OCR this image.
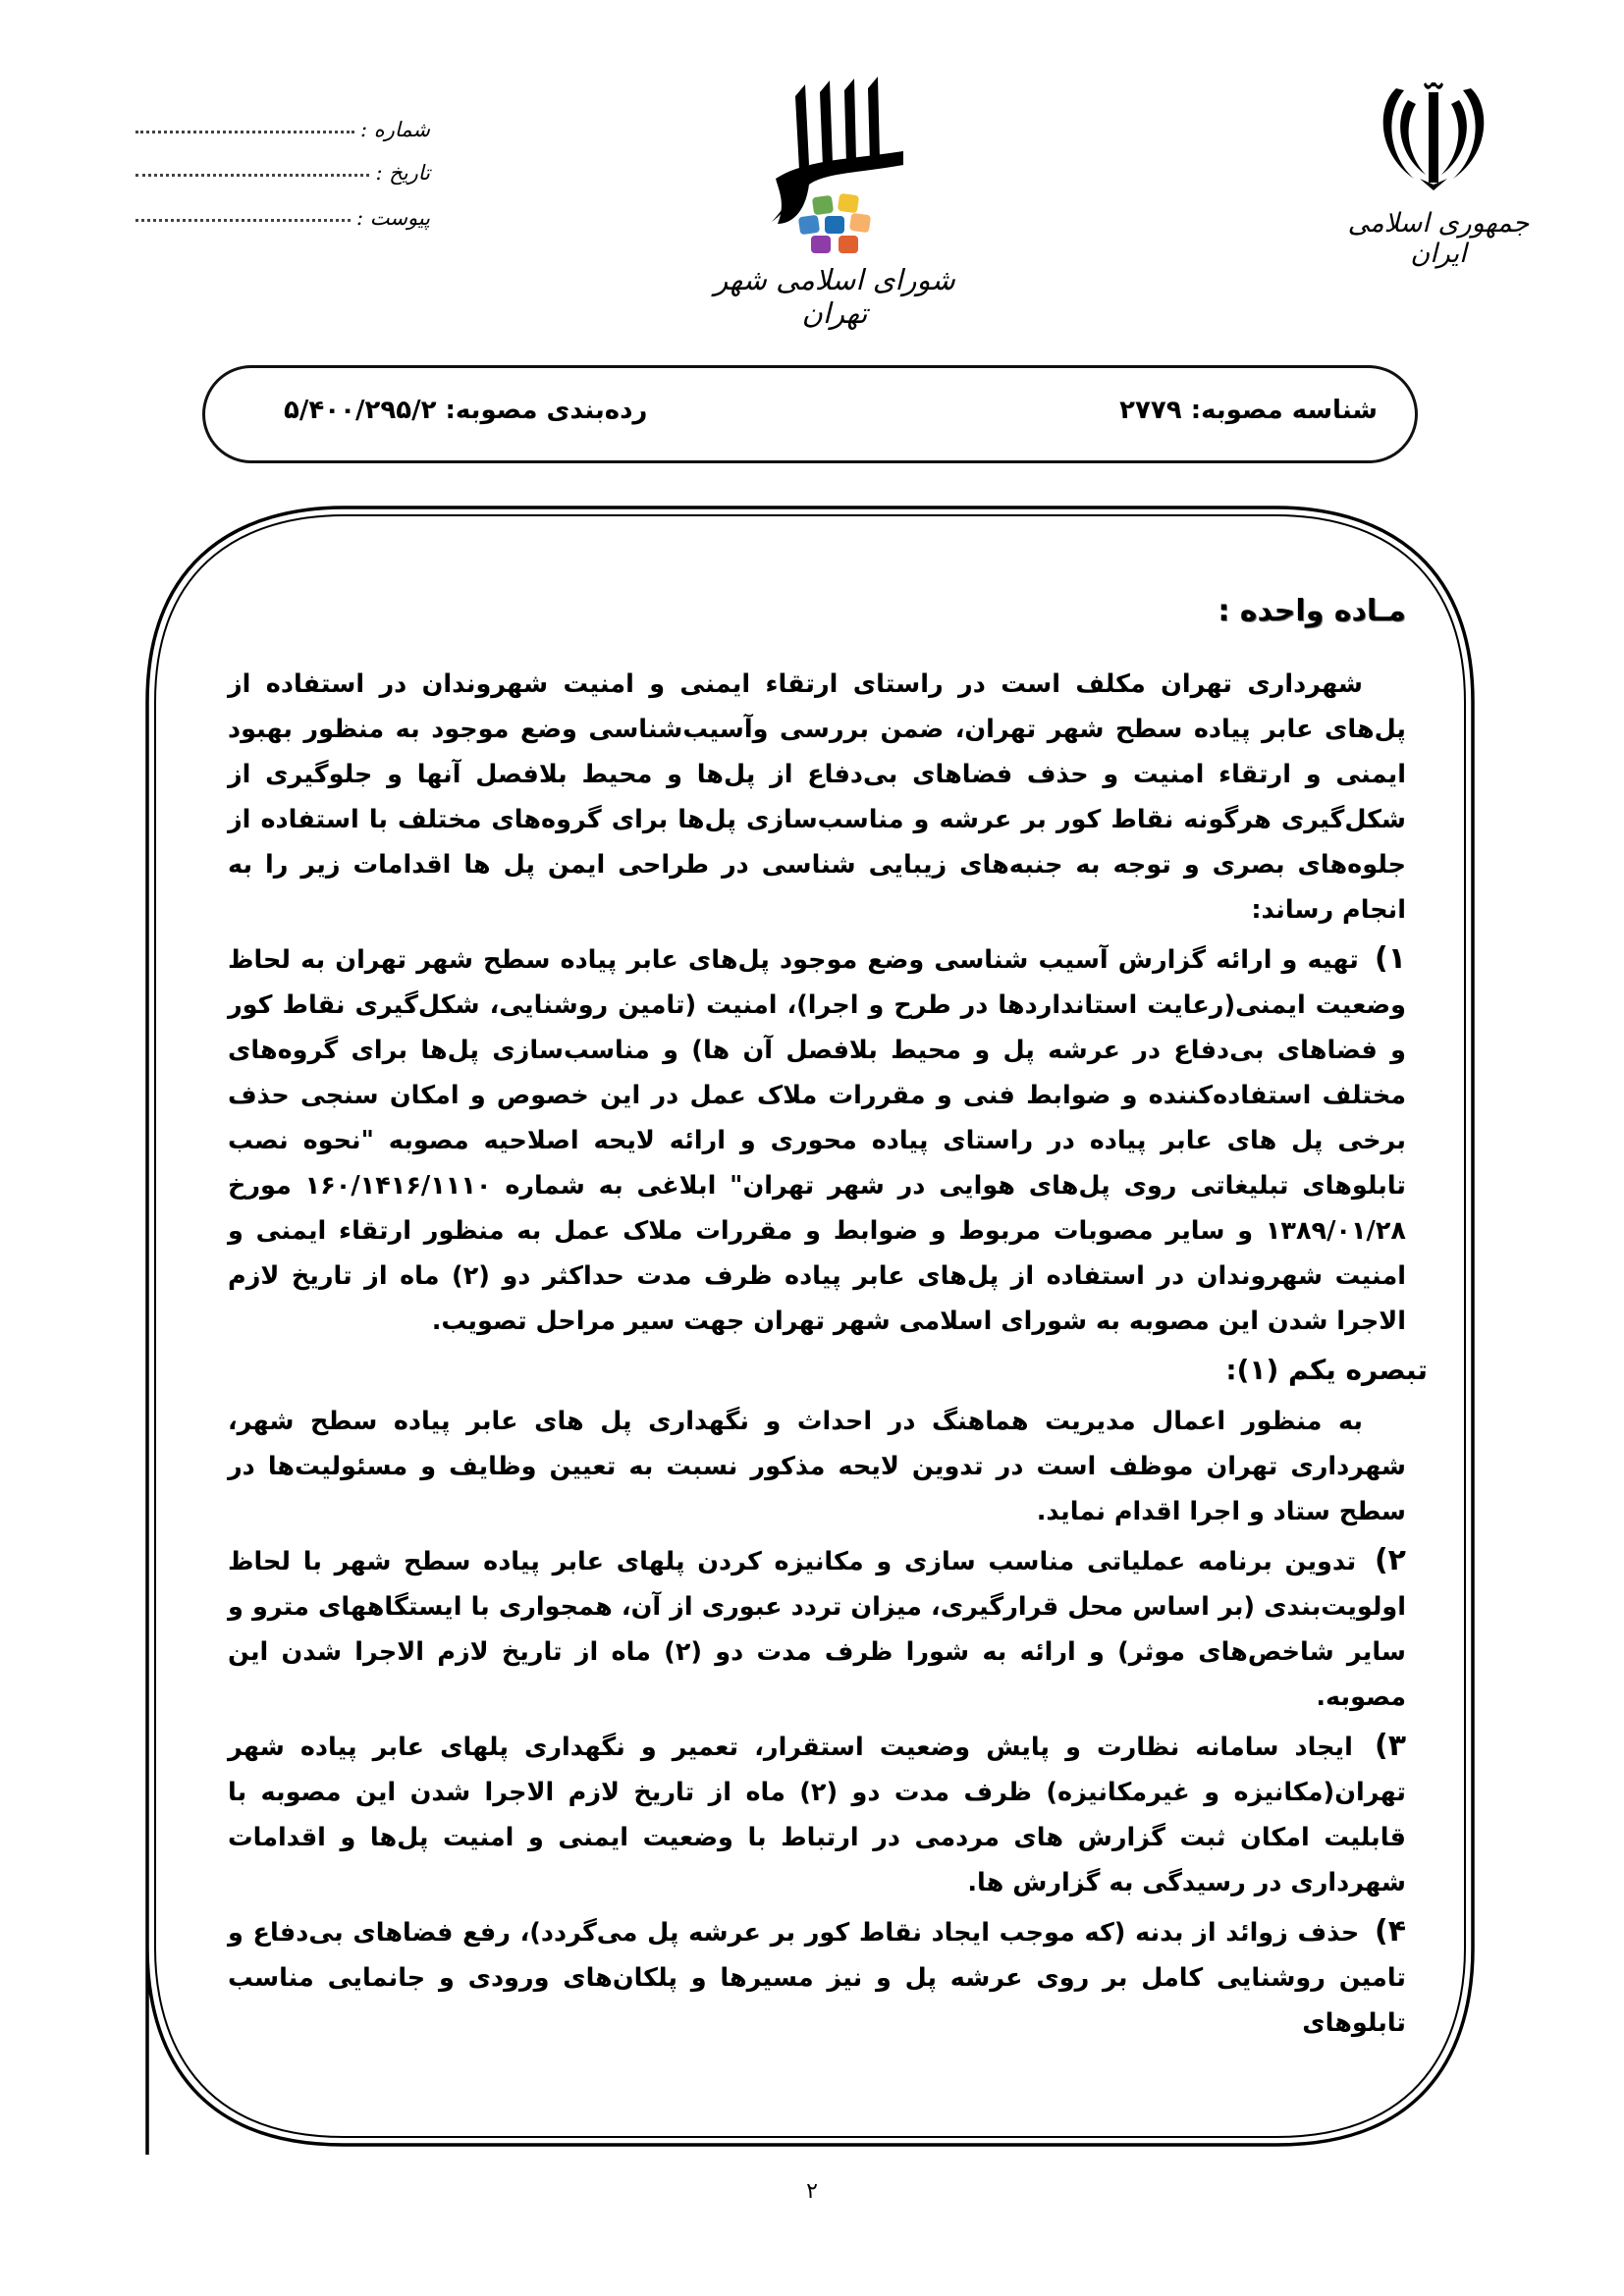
شماره :
تاریخ :
پیوست :
شورای اسلامی شهر تهران
جمهوری اسلامی ایران
شناسه مصوبه: ۲۷۷۹
رده‌بندی مصوبه: ۵/۴۰۰/۲۹۵/۲
مـاده واحده :

شهرداری تهران مکلف است در راستای ارتقاء ایمنی و امنیت شهروندان در استفاده از پل‌های عابر پیاده سطح شهر تهران، ضمن بررسی وآسیب‌شناسی وضع موجود به منظور بهبود ایمنی و ارتقاء امنیت و حذف فضاهای بی‌دفاع از پل‌ها و محیط بلافصل آنها و جلوگیری از شکل‌گیری هرگونه نقاط کور بر عرشه و مناسب‌سازی پل‌ها برای گروه‌های مختلف با استفاده از جلوه‌های بصری و توجه به جنبه‌های زیبایی شناسی در طراحی ایمن پل ها اقدامات زیر را به انجام رساند:

۱) تهیه و ارائه گزارش آسیب شناسی وضع موجود پل‌های عابر پیاده سطح شهر تهران به لحاظ وضعیت ایمنی(رعایت استانداردها در طرح و اجرا)، امنیت (تامین روشنایی، شکل‌گیری نقاط کور و فضاهای بی‌دفاع در عرشه پل و محیط بلافصل آن ها) و مناسب‌سازی پل‌ها برای گروه‌های مختلف استفاده‌کننده و ضوابط فنی و مقررات ملاک عمل در این خصوص و امکان سنجی حذف برخی پل های عابر پیاده در راستای پیاده محوری و ارائه لایحه اصلاحیه مصوبه "نحوه نصب تابلوهای تبلیغاتی روی پل‌های هوایی در شهر تهران" ابلاغی به شماره ۱۶۰/۱۴۱۶/۱۱۱۰ مورخ ۱۳۸۹/۰۱/۲۸ و سایر مصوبات مربوط و ضوابط و مقررات ملاک عمل به منظور ارتقاء ایمنی و امنیت شهروندان در استفاده از پل‌های عابر پیاده ظرف مدت حداکثر دو (۲) ماه از تاریخ لازم الاجرا شدن این مصوبه به شورای اسلامی شهر تهران جهت سیر مراحل تصویب.

تبصره یکم (۱):

به منظور اعمال مدیریت هماهنگ در احداث و نگهداری پل های عابر پیاده سطح شهر، شهرداری تهران موظف است در تدوین لایحه مذکور نسبت به تعیین وظایف و مسئولیت‌ها در سطح ستاد و اجرا اقدام نماید.

۲) تدوین برنامه عملیاتی مناسب سازی و مکانیزه کردن پلهای عابر پیاده سطح شهر با لحاظ اولویت‌بندی (بر اساس محل قرارگیری، میزان تردد عبوری از آن، همجواری با ایستگاههای مترو و سایر شاخص‌های موثر) و ارائه به شورا ظرف مدت دو (۲) ماه از تاریخ لازم الاجرا شدن این مصوبه.

۳) ایجاد سامانه نظارت و پایش وضعیت استقرار، تعمیر و نگهداری پلهای عابر پیاده شهر تهران(مکانیزه و غیرمکانیزه) ظرف مدت دو (۲) ماه از تاریخ لازم الاجرا شدن این مصوبه با قابلیت امکان ثبت گزارش های مردمی در ارتباط با وضعیت ایمنی و امنیت پل‌ها و اقدامات شهرداری در رسیدگی به گزارش ها.

۴) حذف زوائد از بدنه (که موجب ایجاد نقاط کور بر عرشه پل می‌گردد)، رفع فضاهای بی‌دفاع و تامین روشنایی کامل بر روی عرشه پل و نیز مسیرها و پلکان‌های ورودی و جانمایی مناسب تابلوهای

۲
